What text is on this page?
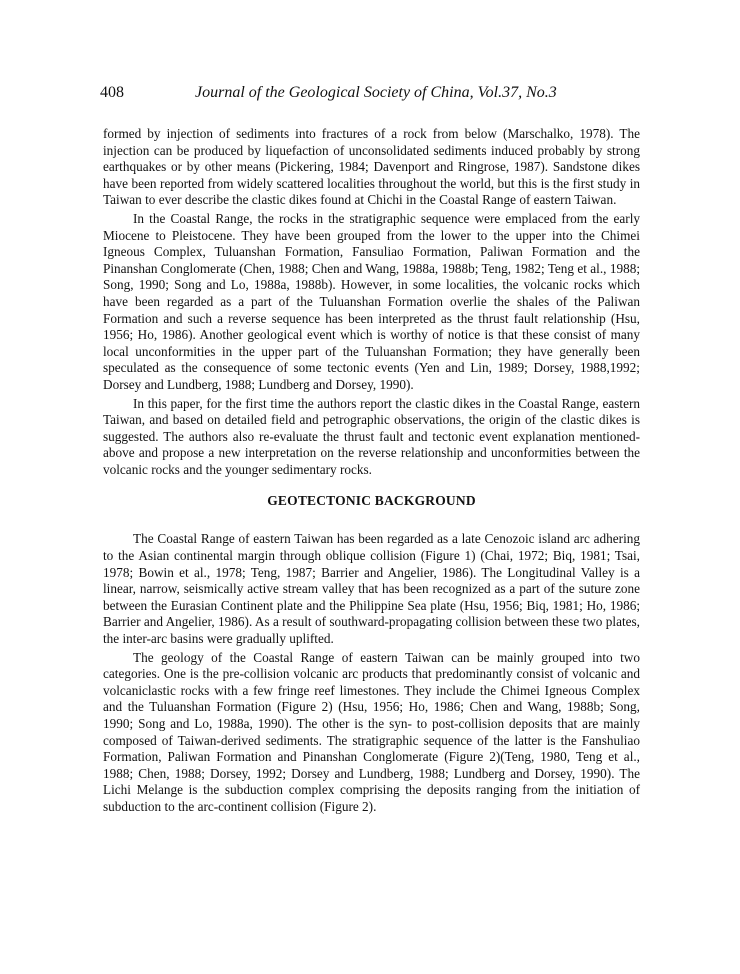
408	Journal of the Geological Society of China, Vol.37, No.3

formed by injection of sediments into fractures of a rock from below (Marschalko, 1978). The injection can be produced by liquefaction of unconsolidated sediments induced probably by strong earthquakes or by other means (Pickering, 1984; Davenport and Ringrose, 1987). Sandstone dikes have been reported from widely scattered localities throughout the world, but this is the first study in Taiwan to ever describe the clastic dikes found at Chichi in the Coastal Range of eastern Taiwan.

In the Coastal Range, the rocks in the stratigraphic sequence were emplaced from the early Miocene to Pleistocene. They have been grouped from the lower to the upper into the Chimei Igneous Complex, Tuluanshan Formation, Fansuliao Formation, Paliwan Formation and the Pinanshan Conglomerate (Chen, 1988; Chen and Wang, 1988a, 1988b; Teng, 1982; Teng et al., 1988; Song, 1990; Song and Lo, 1988a, 1988b). However, in some localities, the volcanic rocks which have been regarded as a part of the Tuluanshan Formation overlie the shales of the Paliwan Formation and such a reverse sequence has been interpreted as the thrust fault relationship (Hsu, 1956; Ho, 1986). Another geological event which is worthy of notice is that these consist of many local unconformities in the upper part of the Tuluanshan Formation; they have generally been speculated as the consequence of some tectonic events (Yen and Lin, 1989; Dorsey, 1988,1992; Dorsey and Lundberg, 1988; Lundberg and Dorsey, 1990).

In this paper, for the first time the authors report the clastic dikes in the Coastal Range, eastern Taiwan, and based on detailed field and petrographic observations, the origin of the clastic dikes is suggested. The authors also re-evaluate the thrust fault and tectonic event explanation mentioned-above and propose a new interpretation on the reverse relationship and unconformities between the volcanic rocks and the younger sedimentary rocks.

GEOTECTONIC BACKGROUND

The Coastal Range of eastern Taiwan has been regarded as a late Cenozoic island arc adhering to the Asian continental margin through oblique collision (Figure 1) (Chai, 1972; Biq, 1981; Tsai, 1978; Bowin et al., 1978; Teng, 1987; Barrier and Angelier, 1986). The Longitudinal Valley is a linear, narrow, seismically active stream valley that has been recognized as a part of the suture zone between the Eurasian Continent plate and the Philippine Sea plate (Hsu, 1956; Biq, 1981; Ho, 1986; Barrier and Angelier, 1986). As a result of southward-propagating collision between these two plates, the inter-arc basins were gradually uplifted.

The geology of the Coastal Range of eastern Taiwan can be mainly grouped into two categories. One is the pre-collision volcanic arc products that predominantly consist of volcanic and volcaniclastic rocks with a few fringe reef limestones. They include the Chimei Igneous Complex and the Tuluanshan Formation (Figure 2) (Hsu, 1956; Ho, 1986; Chen and Wang, 1988b; Song, 1990; Song and Lo, 1988a, 1990). The other is the syn- to post-collision deposits that are mainly composed of Taiwan-derived sediments. The stratigraphic sequence of the latter is the Fanshuliao Formation, Paliwan Formation and Pinanshan Conglomerate (Figure 2)(Teng, 1980, Teng et al., 1988; Chen, 1988; Dorsey, 1992; Dorsey and Lundberg, 1988; Lundberg and Dorsey, 1990). The Lichi Melange is the subduction complex comprising the deposits ranging from the initiation of subduction to the arc-continent collision (Figure 2).
